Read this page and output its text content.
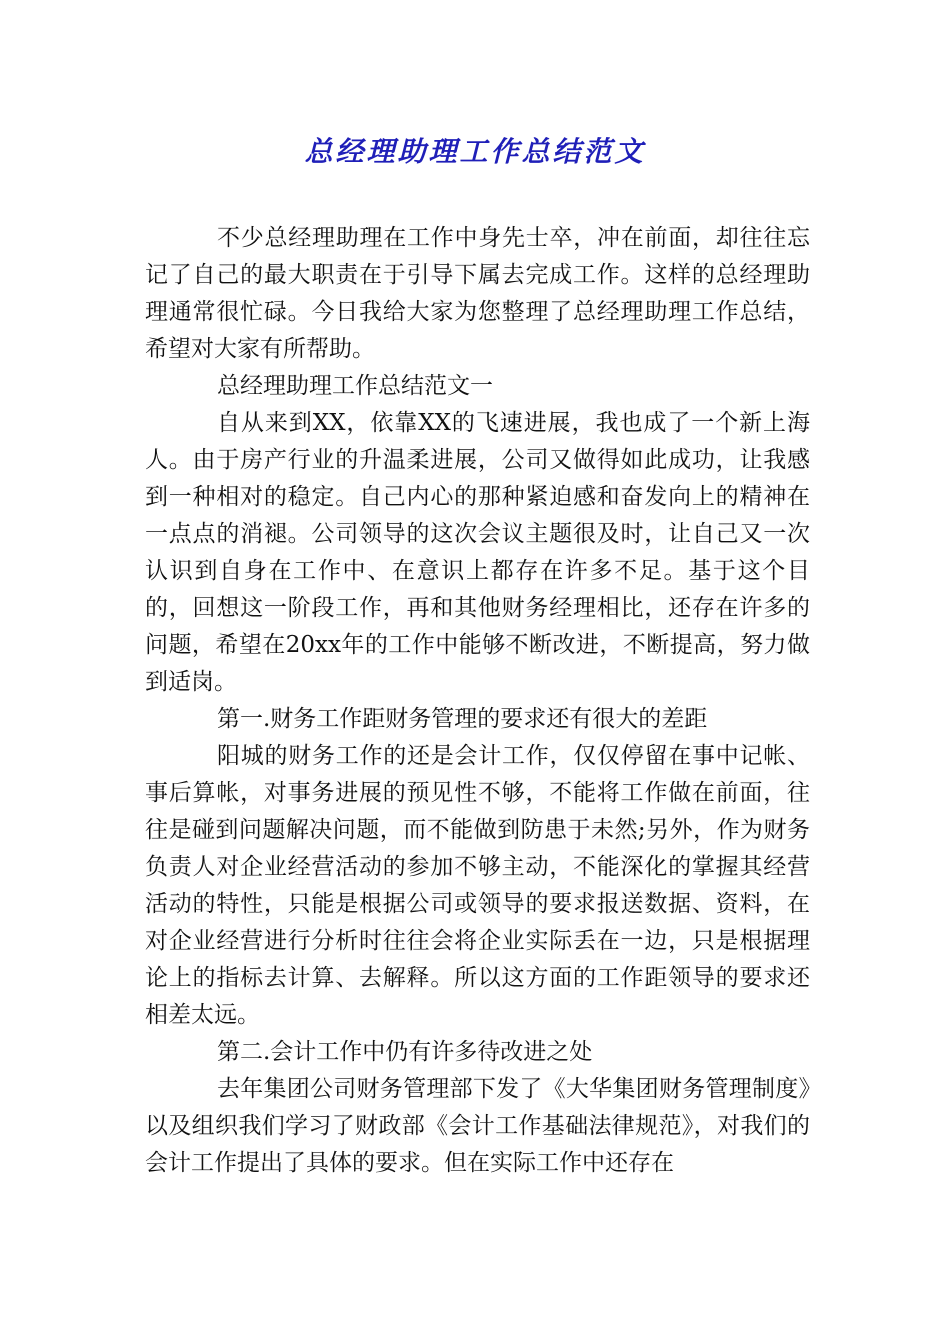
总经理助理工作总结范文

不少总经理助理在工作中身先士卒，冲在前面，却往往忘记了自己的最大职责在于引导下属去完成工作。这样的总经理助理通常很忙碌。今日我给大家为您整理了总经理助理工作总结，希望对大家有所帮助。

总经理助理工作总结范文一

自从来到XX，依靠XX的飞速进展，我也成了一个新上海人。由于房产行业的升温柔进展，公司又做得如此成功，让我感到一种相对的稳定。自己内心的那种紧迫感和奋发向上的精神在一点点的消褪。公司领导的这次会议主题很及时，让自己又一次认识到自身在工作中、在意识上都存在许多不足。基于这个目的，回想这一阶段工作，再和其他财务经理相比，还存在许多的问题，希望在20xx年的工作中能够不断改进，不断提高，努力做到适岗。

第一.财务工作距财务管理的要求还有很大的差距

阳城的财务工作的还是会计工作，仅仅停留在事中记帐、事后算帐，对事务进展的预见性不够，不能将工作做在前面，往往是碰到问题解决问题，而不能做到防患于未然;另外，作为财务负责人对企业经营活动的参加不够主动，不能深化的掌握其经营活动的特性，只能是根据公司或领导的要求报送数据、资料，在对企业经营进行分析时往往会将企业实际丢在一边，只是根据理论上的指标去计算、去解释。所以这方面的工作距领导的要求还相差太远。

第二.会计工作中仍有许多待改进之处

去年集团公司财务管理部下发了《大华集团财务管理制度》以及组织我们学习了财政部《会计工作基础法律规范》，对我们的会计工作提出了具体的要求。但在实际工作中还存在
